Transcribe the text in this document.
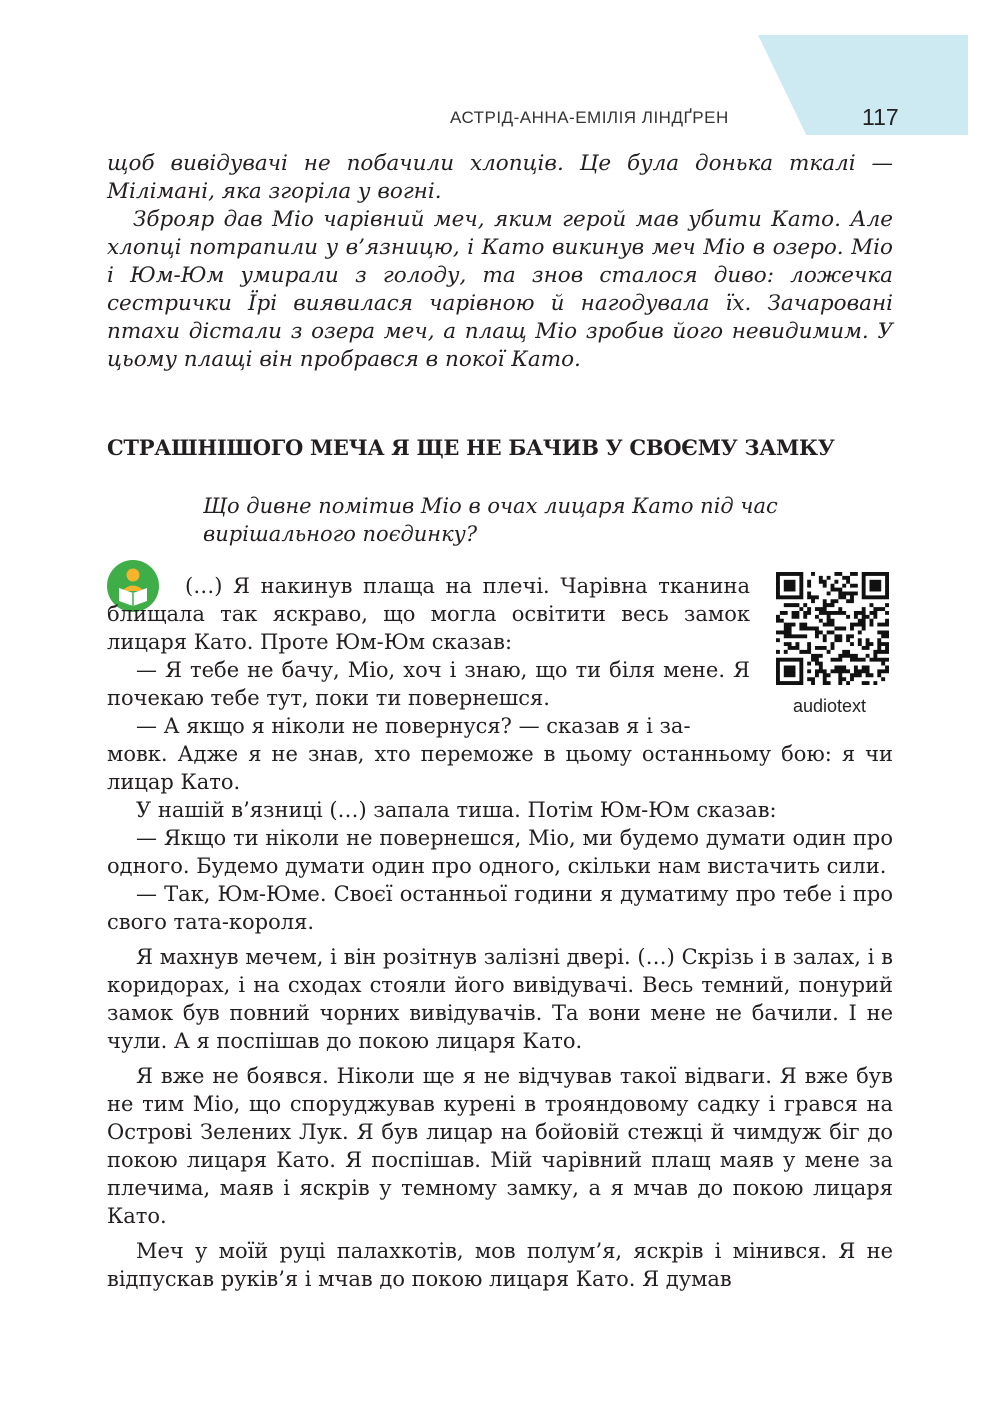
АСТРІД-АННА-ЕМІЛІЯ ЛІНДҐРЕН	117

щоб вивідувачі не побачили хлопців. Це була донька ткалі — Мілімані, яка згоріла у вогні.

Зброяр дав Міо чарівний меч, яким герой мав убити Като. Але хлопці потрапили у в’язницю, і Като викинув меч Міо в озеро. Міо і Юм-Юм умирали з голоду, та знов сталося диво: ложечка сестрички Їрі виявилася чарівною й нагодувала їх. Зачаровані птахи дістали з озера меч, а плащ Міо зробив його невидимим. У цьому плащі він пробрався в покої Като.

СТРАШНІШОГО МЕЧА Я ЩЕ НЕ БАЧИВ У СВОЄМУ ЗАМКУ
Що дивне помітив Міо в очах лицаря Като під час вирішального поєдинку?
audiotext

(…) Я накинув плаща на плечі. Чарівна тканина блищала так яскраво, що могла освітити весь замок лицаря Като. Проте Юм-Юм сказав:

— Я тебе не бачу, Міо, хоч і знаю, що ти біля мене. Я почекаю тебе тут, поки ти повернешся.

— А якщо я ніколи не повернуся? — сказав я і за-

мовк. Адже я не знав, хто переможе в цьому останньому бою: я чи лицар Като.

У нашій в’язниці (…) запала тиша. Потім Юм-Юм сказав:

— Якщо ти ніколи не повернешся, Міо, ми будемо думати один про одного. Будемо думати один про одного, скільки нам вистачить сили.

— Так, Юм-Юме. Своєї останньої години я думатиму про тебе і про свого тата-короля.

Я махнув мечем, і він розітнув залізні двері. (…) Скрізь і в залах, і в коридорах, і на сходах стояли його вивідувачі. Весь темний, понурий замок був повний чорних вивідувачів. Та вони мене не бачили. І не чули. А я поспішав до покою лицаря Като.

Я вже не боявся. Ніколи ще я не відчував такої відваги. Я вже був не тим Міо, що споруджував курені в трояндовому садку і грався на Острові Зелених Лук. Я був лицар на бойовій стежці й чимдуж біг до покою лицаря Като. Я поспішав. Мій чарівний плащ маяв у мене за плечима, маяв і яскрів у темному замку, а я мчав до покою лицаря Като.

Меч у моїй руці палахкотів, мов полум’я, яскрів і мінився. Я не відпускав руків’я і мчав до покою лицаря Като. Я думав
